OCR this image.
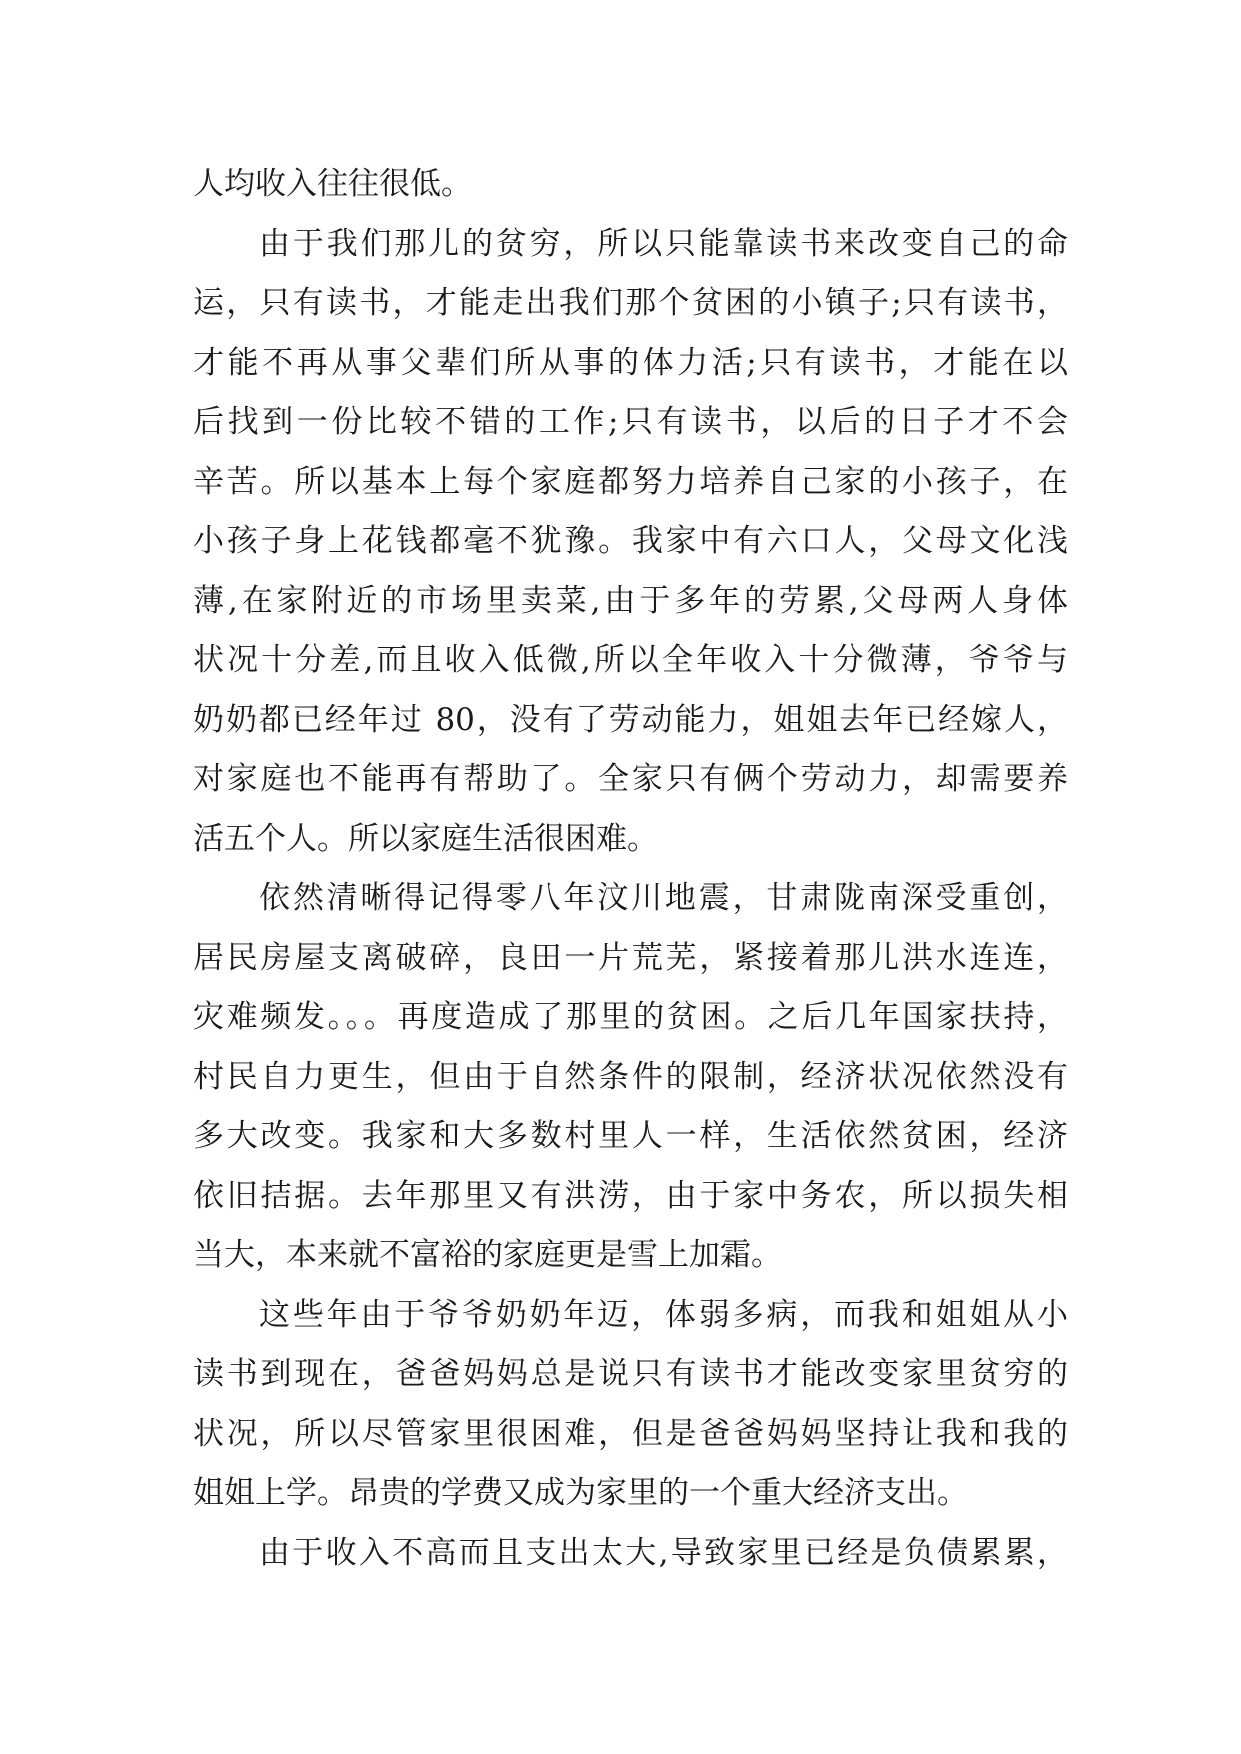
人均收入往往很低。
由于我们那儿的贫穷，所以只能靠读书来改变自己的命
运，只有读书，才能走出我们那个贫困的小镇子;只有读书，
才能不再从事父辈们所从事的体力活;只有读书，才能在以
后找到一份比较不错的工作;只有读书，以后的日子才不会
辛苦。所以基本上每个家庭都努力培养自己家的小孩子，在
小孩子身上花钱都毫不犹豫。我家中有六口人，父母文化浅
薄,在家附近的市场里卖菜,由于多年的劳累,父母两人身体
状况十分差,而且收入低微,所以全年收入十分微薄，爷爷与
奶奶都已经年过 80，没有了劳动能力，姐姐去年已经嫁人，
对家庭也不能再有帮助了。全家只有俩个劳动力，却需要养
活五个人。所以家庭生活很困难。
依然清晰得记得零八年汶川地震，甘肃陇南深受重创，
居民房屋支离破碎，良田一片荒芜，紧接着那儿洪水连连，
灾难频发。。。再度造成了那里的贫困。之后几年国家扶持，
村民自力更生，但由于自然条件的限制，经济状况依然没有
多大改变。我家和大多数村里人一样，生活依然贫困，经济
依旧拮据。去年那里又有洪涝，由于家中务农，所以损失相
当大，本来就不富裕的家庭更是雪上加霜。
这些年由于爷爷奶奶年迈，体弱多病，而我和姐姐从小
读书到现在，爸爸妈妈总是说只有读书才能改变家里贫穷的
状况，所以尽管家里很困难，但是爸爸妈妈坚持让我和我的
姐姐上学。昂贵的学费又成为家里的一个重大经济支出。
由于收入不高而且支出太大,导致家里已经是负债累累，
